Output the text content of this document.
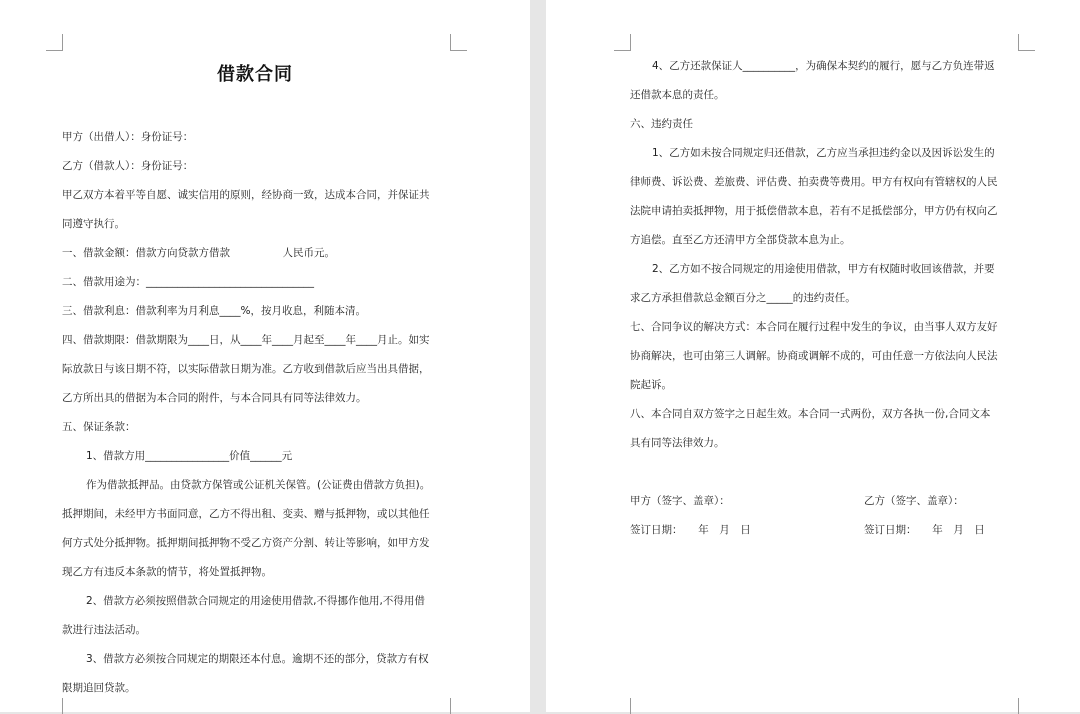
借款合同

甲方（出借人）：身份证号：

乙方（借款人）：身份证号：

甲乙双方本着平等自愿、诚实信用的原则，经协商一致，达成本合同，并保证共

同遵守执行。

一、借款金额：借款方向贷款方借款　　　　　人民币元。

二、借款用途为：________________________________

三、借款利息：借款利率为月利息____%，按月收息，利随本清。

四、借款期限：借款期限为____日，从____年____月起至____年____月止。如实

际放款日与该日期不符，以实际借款日期为准。乙方收到借款后应当出具借据，

乙方所出具的借据为本合同的附件，与本合同具有同等法律效力。

五、保证条款：

1、借款方用________________价值______元

作为借款抵押品。由贷款方保管或公证机关保管。(公证费由借款方负担)。

抵押期间，未经甲方书面同意，乙方不得出租、变卖、赠与抵押物，或以其他任

何方式处分抵押物。抵押期间抵押物不受乙方资产分割、转让等影响，如甲方发

现乙方有违反本条款的情节，将处置抵押物。

2、借款方必须按照借款合同规定的用途使用借款,不得挪作他用,不得用借

款进行违法活动。

3、借款方必须按合同规定的期限还本付息。逾期不还的部分，贷款方有权

限期追回贷款。

4、乙方还款保证人__________，为确保本契约的履行，愿与乙方负连带返

还借款本息的责任。

六、违约责任

1、乙方如未按合同规定归还借款，乙方应当承担违约金以及因诉讼发生的

律师费、诉讼费、差旅费、评估费、拍卖费等费用。甲方有权向有管辖权的人民

法院申请拍卖抵押物，用于抵偿借款本息，若有不足抵偿部分，甲方仍有权向乙

方追偿。直至乙方还清甲方全部贷款本息为止。

2、乙方如不按合同规定的用途使用借款，甲方有权随时收回该借款，并要

求乙方承担借款总金额百分之_____的违约责任。

七、合同争议的解决方式：本合同在履行过程中发生的争议，由当事人双方友好

协商解决，也可由第三人调解。协商或调解不成的，可由任意一方依法向人民法

院起诉。

八、本合同自双方签字之日起生效。本合同一式两份，双方各执一份,合同文本

具有同等法律效力。

甲方（签字、盖章）：	乙方（签字、盖章）：

签订日期：　　年　月　日	签订日期：　　年　月　日
